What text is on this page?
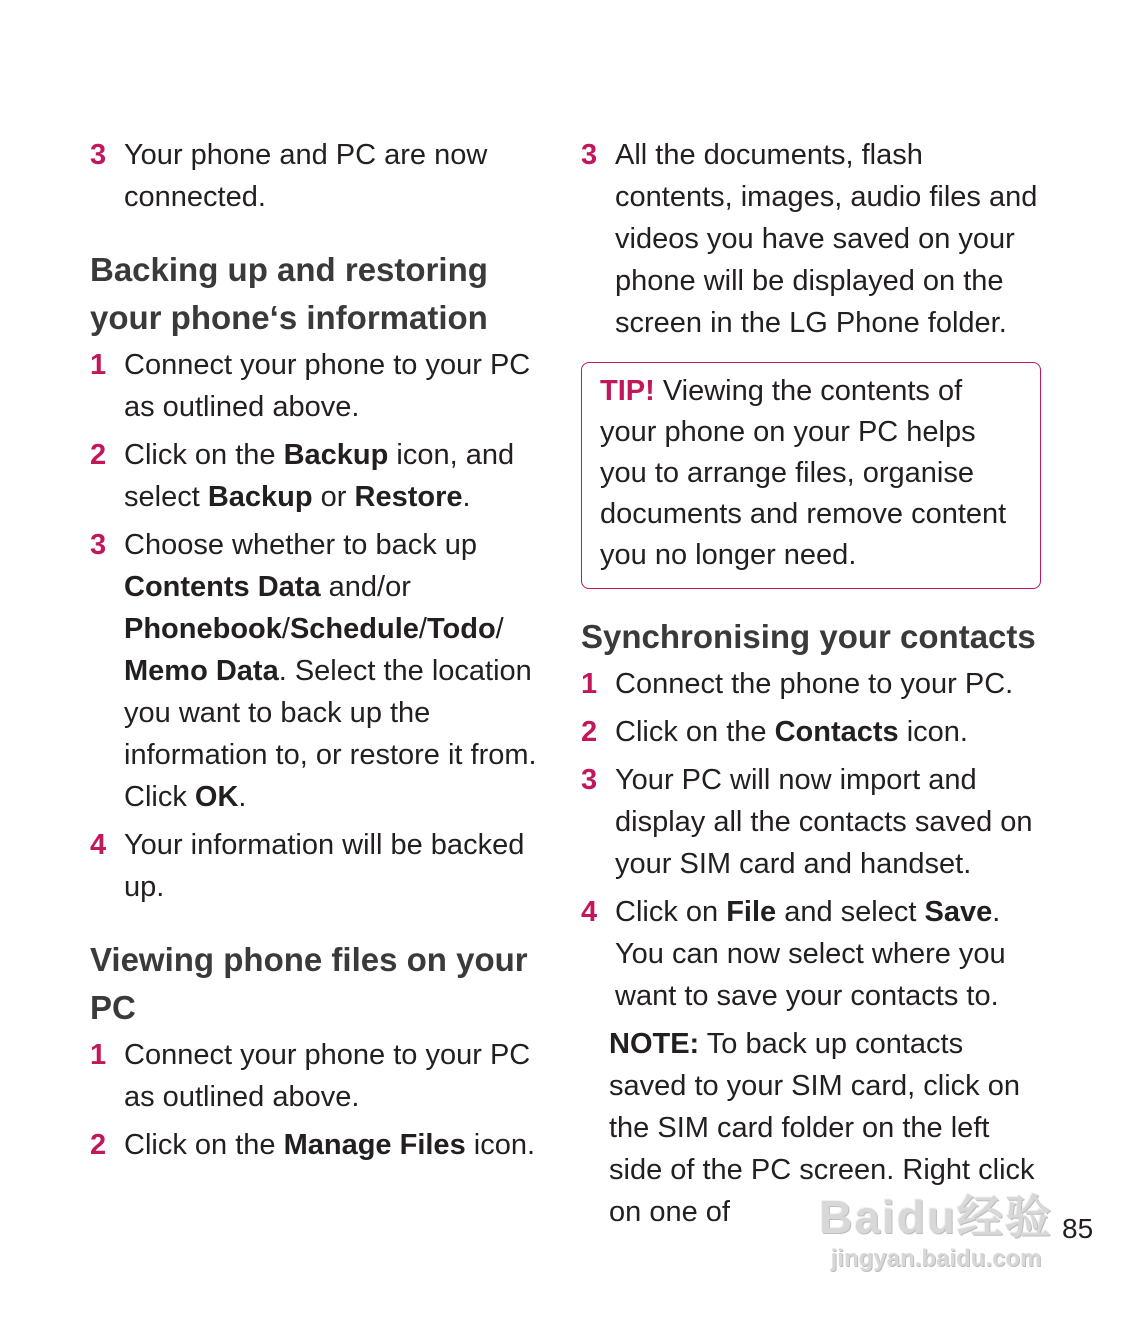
3 Your phone and PC are now connected.
Backing up and restoring your phone‘s information
1 Connect your phone to your PC as outlined above.
2 Click on the Backup icon, and select Backup or Restore.
3 Choose whether to back up Contents Data and/or Phonebook/Schedule/Todo/ Memo Data. Select the location you want to back up the information to, or restore it from. Click OK.
4 Your information will be backed up.
Viewing phone files on your PC
1 Connect your phone to your PC as outlined above.
2 Click on the Manage Files icon.
3 All the documents, flash contents, images, audio files and videos you have saved on your phone will be displayed on the screen in the LG Phone folder.
TIP! Viewing the contents of your phone on your PC helps you to arrange files, organise documents and remove content you no longer need.
Synchronising your contacts
1 Connect the phone to your PC.
2 Click on the Contacts icon.
3 Your PC will now import and display all the contacts saved on your SIM card and handset.
4 Click on File and select Save. You can now select where you want to save your contacts to.
NOTE: To back up contacts saved to your SIM card, click on the SIM card folder on the left side of the PC screen. Right click on one of
85
Baidu经验
jingyan.baidu.com
